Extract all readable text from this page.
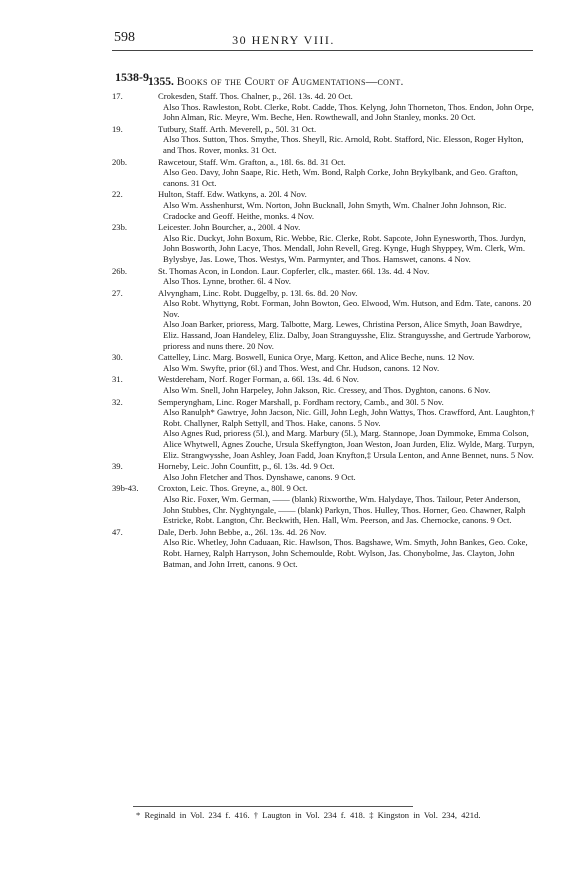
598	30 HENRY VIII.
1538-9 1355. Books of the Court of Augmentations—cont.
17.	Crokesden, Staff. Thos. Chalner, p., 26l. 13s. 4d. 20 Oct.
Also Thos. Rawleston, Robt. Clerke, Robt. Cadde, Thos. Kelyng, John Thorneton, Thos. Endon, John Orpe, John Alman, Ric. Meyre, Wm. Beche, Hen. Rowthewall, and John Stanley, monks. 20 Oct.
19.	Tutbury, Staff. Arth. Meverell, p., 50l. 31 Oct.
Also Thos. Sutton, Thos. Smythe, Thos. Sheyll, Ric. Arnold, Robt. Stafford, Nic. Elesson, Roger Hylton, and Thos. Rover, monks. 31 Oct.
20b.	Rawcetour, Staff. Wm. Grafton, a., 18l. 6s. 8d. 31 Oct.
Also Geo. Davy, John Saape, Ric. Heth, Wm. Bond, Ralph Corke, John Brykylbank, and Geo. Grafton, canons. 31 Oct.
22.	Hulton, Staff. Edw. Watkyns, a. 20l. 4 Nov.
Also Wm. Asshenhurst, Wm. Norton, John Bucknall, John Smyth, Wm. Chalner John Johnson, Ric. Cradocke and Geoff. Heithe, monks. 4 Nov.
23b.	Leicester. John Bourcher, a., 200l. 4 Nov.
Also Ric. Duckyt, John Boxum, Ric. Webbe, Ric. Clerke, Robt. Sapcote, John Eynesworth, Thos. Jurdyn, John Bosworth, John Lacye, Thos. Mendall, John Revell, Greg. Kynge, Hugh Shyppey, Wm. Clerk, Wm. Bylysbye, Jas. Lowe, Thos. Westys, Wm. Parmynter, and Thos. Hamswet, canons. 4 Nov.
26b.	St. Thomas Acon, in London. Laur. Copferler, clk., master. 66l. 13s. 4d. 4 Nov.
Also Thos. Lynne, brother. 6l. 4 Nov.
27.	Alvyngham, Linc. Robt. Duggelby, p. 13l. 6s. 8d. 20 Nov.
Also Robt. Whyttyng, Robt. Forman, John Bowton, Geo. Elwood, Wm. Hutson, and Edm. Tate, canons. 20 Nov.
Also Joan Barker, prioress, Marg. Talbotte, Marg. Lewes, Christina Person, Alice Smyth, Joan Bawdrye, Eliz. Hassand, Joan Handeley, Eliz. Dalby, Joan Stranguysshe, Eliz. Stranguysshe, and Gertrude Yarborow, prioress and nuns there. 20 Nov.
30.	Cattelley, Linc. Marg. Boswell, Eunica Orye, Marg. Ketton, and Alice Beche, nuns. 12 Nov.
Also Wm. Swyfte, prior (6l.) and Thos. West, and Chr. Hudson, canons. 12 Nov.
31.	Westdereham, Norf. Roger Forman, a. 66l. 13s. 4d. 6 Nov.
Also Wm. Snell, John Harpeley, John Jakson, Ric. Cressey, and Thos. Dyghton, canons. 6 Nov.
32.	Semperyngham, Linc. Roger Marshall, p. Fordham rectory, Camb., and 30l. 5 Nov.
Also Ranulph* Gawtrye, John Jacson, Nic. Gill, John Legh, John Wattys, Thos. Crawfford, Ant. Laughton,† Robt. Challyner, Ralph Settyll, and Thos. Hake, canons. 5 Nov.
Also Agnes Rud, prioress (5l.), and Marg. Marbury (5l.), Marg. Stannope, Joan Dymmoke, Emma Colson, Alice Whytwell, Agnes Zouche, Ursula Skeffyngton, Joan Weston, Joan Jurden, Eliz. Wylde, Marg. Turpyn, Eliz. Strangwysshe, Joan Ashley, Joan Fadd, Joan Knyfton,‡ Ursula Lenton, and Anne Bennet, nuns. 5 Nov.
39.	Horneby, Leic. John Counfitt, p., 6l. 13s. 4d. 9 Oct.
Also John Fletcher and Thos. Dynshawe, canons. 9 Oct.
39b-43.	Croxton, Leic. Thos. Greyne, a., 80l. 9 Oct.
Also Ric. Foxer, Wm. German, —— (blank) Rixworthe, Wm. Halydaye, Thos. Tailour, Peter Anderson, John Stubbes, Chr. Nyghtyngale, —— (blank) Parkyn, Thos. Hulley, Thos. Horner, Geo. Chawner, Ralph Estricke, Robt. Langton, Chr. Beckwith, Hen. Hall, Wm. Peerson, and Jas. Chernocke, canons. 9 Oct.
47.	Dale, Derb. John Bebbe, a., 26l. 13s. 4d. 26 Nov.
Also Ric. Whetley, John Caduaan, Ric. Hawlson, Thos. Bagshawe, Wm. Smyth, John Bankes, Geo. Coke, Robt. Harney, Ralph Harryson, John Schemoulde, Robt. Wylson, Jas. Chonybolme, Jas. Clayton, John Batman, and John Irrett, canons. 9 Oct.
* Reginald in Vol. 234 f. 416. † Laugton in Vol. 234 f. 418. ‡ Kingston in Vol. 234, 421d.
